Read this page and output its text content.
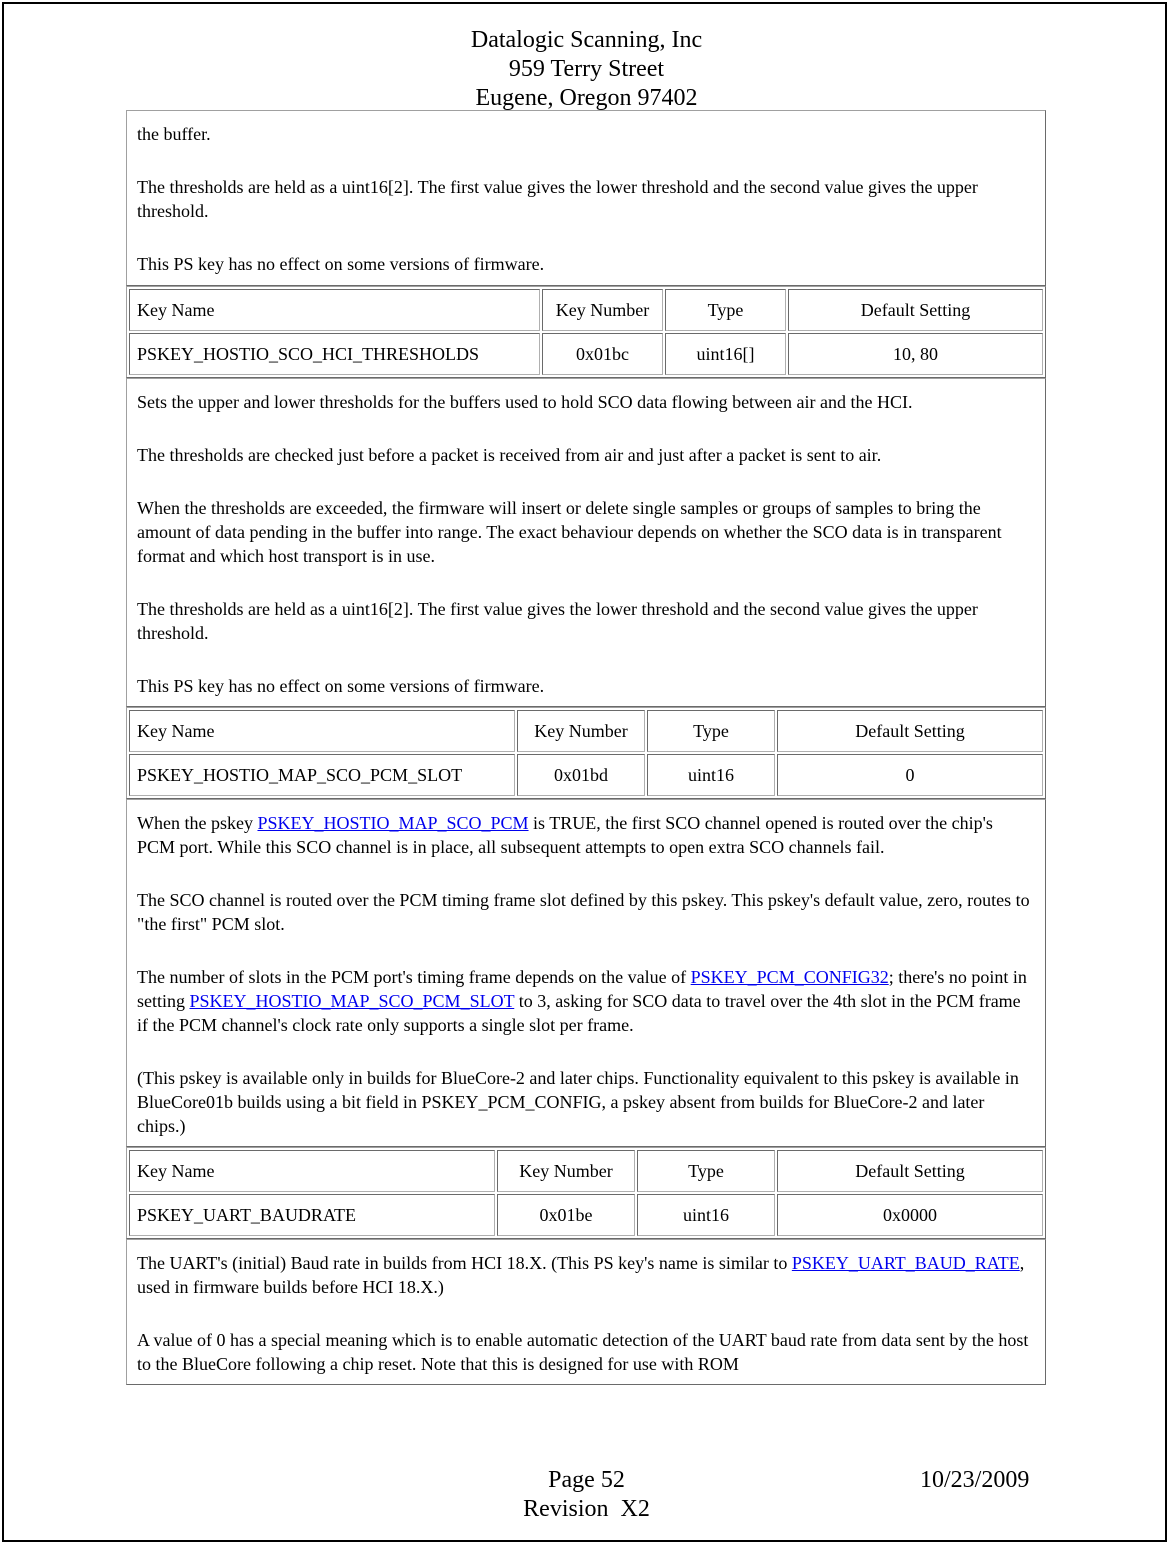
Datalogic Scanning, Inc
959 Terry Street
Eugene, Oregon 97402

the buffer.

The thresholds are held as a uint16[2]. The first value gives the lower threshold and the second value gives the upper threshold.

This PS key has no effect on some versions of firmware.

Key Name	Key Number	Type	Default Setting
PSKEY_HOSTIO_SCO_HCI_THRESHOLDS	0x01bc	uint16[]	10, 80

Sets the upper and lower thresholds for the buffers used to hold SCO data flowing between air and the HCI.

The thresholds are checked just before a packet is received from air and just after a packet is sent to air.

When the thresholds are exceeded, the firmware will insert or delete single samples or groups of samples to bring the amount of data pending in the buffer into range. The exact behaviour depends on whether the SCO data is in transparent format and which host transport is in use.

The thresholds are held as a uint16[2]. The first value gives the lower threshold and the second value gives the upper threshold.

This PS key has no effect on some versions of firmware.

Key Name	Key Number	Type	Default Setting
PSKEY_HOSTIO_MAP_SCO_PCM_SLOT	0x01bd	uint16	0

When the pskey PSKEY_HOSTIO_MAP_SCO_PCM is TRUE, the first SCO channel opened is routed over the chip's PCM port. While this SCO channel is in place, all subsequent attempts to open extra SCO channels fail.

The SCO channel is routed over the PCM timing frame slot defined by this pskey. This pskey's default value, zero, routes to "the first" PCM slot.

The number of slots in the PCM port's timing frame depends on the value of PSKEY_PCM_CONFIG32; there's no point in setting PSKEY_HOSTIO_MAP_SCO_PCM_SLOT to 3, asking for SCO data to travel over the 4th slot in the PCM frame if the PCM channel's clock rate only supports a single slot per frame.

(This pskey is available only in builds for BlueCore-2 and later chips. Functionality equivalent to this pskey is available in BlueCore01b builds using a bit field in PSKEY_PCM_CONFIG, a pskey absent from builds for BlueCore-2 and later chips.)

Key Name	Key Number	Type	Default Setting
PSKEY_UART_BAUDRATE	0x01be	uint16	0x0000

The UART's (initial) Baud rate in builds from HCI 18.X. (This PS key's name is similar to PSKEY_UART_BAUD_RATE, used in firmware builds before HCI 18.X.)

A value of 0 has a special meaning which is to enable automatic detection of the UART baud rate from data sent by the host to the BlueCore following a chip reset. Note that this is designed for use with ROM

Page 52	10/23/2009
Revision  X2
